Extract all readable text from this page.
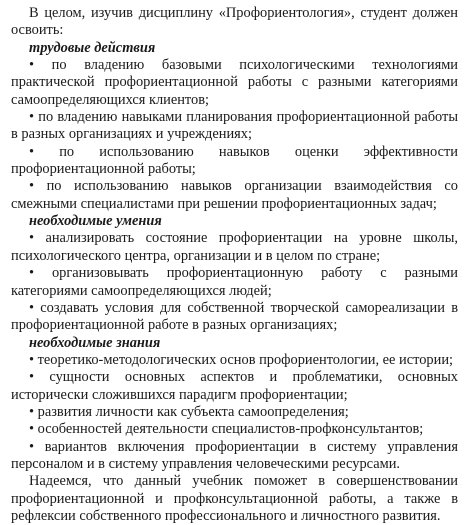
В целом, изучив дисциплину «Профориентология», студент должен освоить:

трудовые действия

• по владению базовыми психологическими технологиями практической профориентационной работы с разными категориями самоопределяющихся клиентов;

• по владению навыками планирования профориентационной работы в разных организациях и учреждениях;

• по использованию навыков оценки эффективности профориентационной работы;

• по использованию навыков организации взаимодействия со смежными специалистами при решении профориентационных задач;

необходимые умения

• анализировать состояние профориентации на уровне школы, психологического центра, организации и в целом по стране;

• организовывать профориентационную работу с разными категориями самоопределяющихся людей;

• создавать условия для собственной творческой самореализации в профориентационной работе в разных организациях;

необходимые знания

• теоретико-методологических основ профориентологии, ее истории;

• сущности основных аспектов и проблематики, основных исторически сложившихся парадигм профориентации;

• развития личности как субъекта самоопределения;

• особенностей деятельности специалистов-профконсультантов;

• вариантов включения профориентации в систему управления персоналом и в систему управления человеческими ресурсами.

Надеемся, что данный учебник поможет в совершенствовании профориентационной и профконсультационной работы, а также в рефлексии собственного профессионального и личностного развития.
